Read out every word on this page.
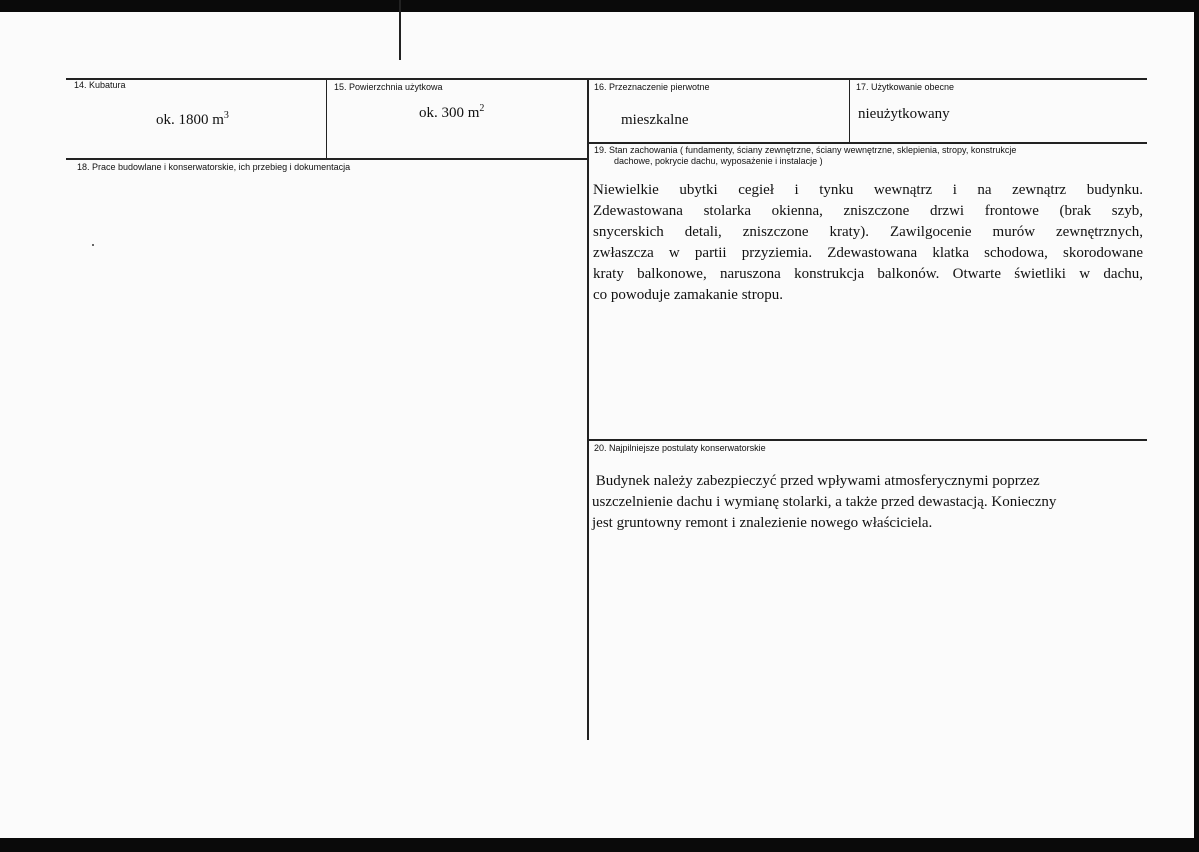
14. Kubatura
ok. 1800 $m^3$
15. Powierzchnia użytkowa
ok. 300 $m^2$
16. Przeznaczenie pierwotne
mieszkalne
17. Użytkowanie obecne
nieużytkowany
18. Prace budowlane i konserwatorskie, ich przebieg i dokumentacja
19. Stan zachowania ( fundamenty, ściany zewnętrzne, ściany wewnętrzne, sklepienia, stropy, konstrukcje
dachowe, pokrycie dachu, wyposażenie i instalacje )
Niewielkie ubytki cegieł i tynku wewnątrz i na zewnątrz budynku.
Zdewastowana stolarka okienna, zniszczone drzwi frontowe (brak szyb,
snycerskich detali, zniszczone kraty). Zawilgocenie murów zewnętrznych,
zwłaszcza w partii przyziemia. Zdewastowana klatka schodowa, skorodowane
kraty balkonowe, naruszona konstrukcja balkonów. Otwarte świetliki w dachu,
co powoduje zamakanie stropu.
20. Najpilniejsze postulaty konserwatorskie
Budynek należy zabezpieczyć przed wpływami atmosferycznymi poprzez
uszczelnienie dachu i wymianę stolarki, a także przed dewastacją. Konieczny
jest gruntowny remont i znalezienie nowego właściciela.
